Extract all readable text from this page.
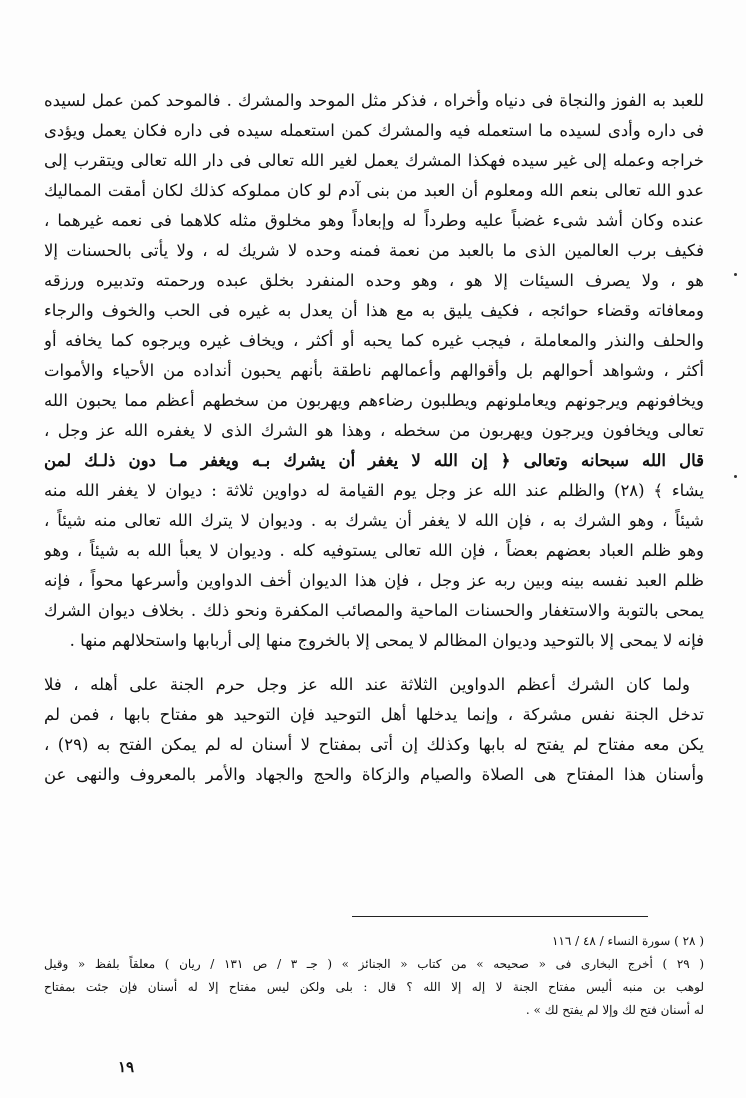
للعبد به الفوز والنجاة فى دنياه وأخراه ، فذكر مثل الموحد والمشرك . فالموحد كمن عمل لسيده
فى داره وأدى لسيده ما استعمله فيه والمشرك كمن استعمله سيده فى داره فكان يعمل ويؤدى
خراجه وعمله إلى غير سيده فهكذا المشرك يعمل لغير الله تعالى فى دار الله تعالى ويتقرب إلى
عدو الله تعالى بنعم الله ومعلوم أن العبد من بنى آدم لو كان مملوكه كذلك لكان أمقت المماليك
عنده وكان أشد شىء غضباً عليه وطرداً له وإبعاداً وهو مخلوق مثله كلاهما فى نعمه غيرهما ،
فكيف برب العالمين الذى ما بالعبد من نعمة فمنه وحده لا شريك له ، ولا يأتى بالحسنات إلا
هو ، ولا يصرف السيئات إلا هو ، وهو وحده المنفرد بخلق عبده ورحمته وتدبيره ورزقه
ومعافاته وقضاء حوائجه ، فكيف يليق به مع هذا أن يعدل به غيره فى الحب والخوف والرجاء
والحلف والنذر والمعاملة ، فيجب غيره كما يحبه أو أكثر ، ويخاف غيره ويرجوه كما يخافه أو
أكثر ، وشواهد أحوالهم بل وأقوالهم وأعمالهم ناطقة بأنهم يحبون أنداده من الأحياء والأموات
ويخافونهم ويرجونهم ويعاملونهم ويطلبون رضاءهم ويهربون من سخطهم أعظم مما يحبون الله
تعالى ويخافون ويرجون ويهربون من سخطه ، وهذا هو الشرك الذى لا يغفره الله عز وجل ،
قال الله سبحانه وتعالى ﴿ إن الله لا يغفر أن يشرك بـه ويغفر مـا دون ذلـك لمن
يشاء ﴾ (٢٨) والظلم عند الله عز وجل يوم القيامة له دواوين ثلاثة : ديوان لا يغفر الله منه
شيئاً ، وهو الشرك به ، فإن الله لا يغفر أن يشرك به . وديوان لا يترك الله تعالى منه شيئاً ،
وهو ظلم العباد بعضهم بعضاً ، فإن الله تعالى يستوفيه كله . وديوان لا يعبأ الله به شيئاً ، وهو
ظلم العبد نفسه بينه وبين ربه عز وجل ، فإن هذا الديوان أخف الدواوين وأسرعها محواً ، فإنه
يمحى بالتوبة والاستغفار والحسنات الماحية والمصائب المكفرة ونحو ذلك . بخلاف ديوان الشرك
فإنه لا يمحى إلا بالتوحيد وديوان المظالم لا يمحى إلا بالخروج منها إلى أربابها واستحلالهم منها .
ولما كان الشرك أعظم الدواوين الثلاثة عند الله عز وجل حرم الجنة على أهله ، فلا
تدخل الجنة نفس مشركة ، وإنما يدخلها أهل التوحيد فإن التوحيد هو مفتاح بابها ، فمن لم
يكن معه مفتاح لم يفتح له بابها وكذلك إن أتى بمفتاح لا أسنان له لم يمكن الفتح به (٢٩) ،
وأسنان هذا المفتاح هى الصلاة والصيام والزكاة والحج والجهاد والأمر بالمعروف والنهى عن
( ٢٨ ) سورة النساء / ٤٨ / ١١٦
( ٢٩ ) أخرج البخارى فى « صحيحه » من كتاب « الجنائز » ( جـ ٣ / ص ١٣١ / ريان ) معلقاً بلفظ « وقيل
لوهب بن منبه أليس مفتاح الجنة لا إله إلا الله ؟ قال : بلى ولكن ليس مفتاح إلا له أسنان فإن جئت بمفتاح
له أسنان فتح لك وإلا لم يفتح لك » .
١٩
